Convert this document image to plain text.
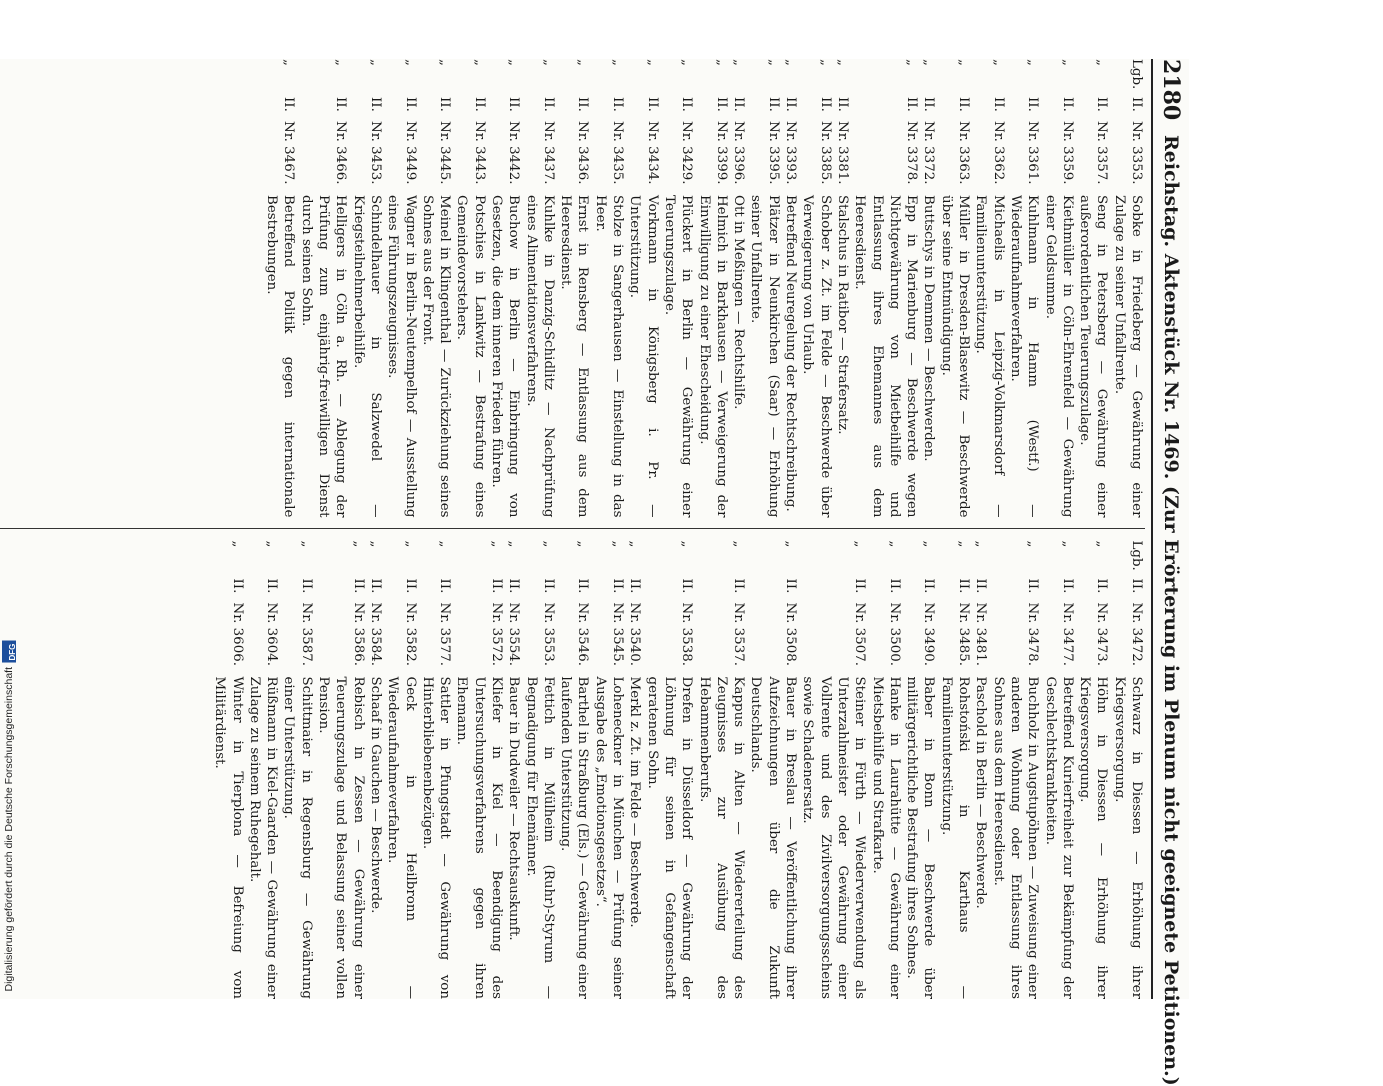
2180
Reichstag. Aktenstück Nr. 1469. (Zur Erörterung im Plenum nicht geeignete Petitionen.)
Lgb.
II.
Nr. 3353.
Sobke in Friedeberg — Gewährung einer Zulage zu seiner Unfallrente.
„
II.
Nr. 3357.
Seng in Petersberg — Gewährung einer außerordentlichen Teuerungszulage.
„
II.
Nr. 3359.
Kiethmüller in Cöln-Ehrenfeld — Gewährung einer Geldsumme.
„
II.
Nr. 3361.
Kuhlmann in Hamm (Westf.) — Wiederaufnahmeverfahren.
„
II.
Nr. 3362.
Michaelis in Leipzig-Volkmarsdorf — Familienunterstützung.
„
II.
Nr. 3363.
Müller in Dresden-Blasewitz — Beschwerde über seine Entmündigung.
„
II.
Nr. 3372.
Buttschys in Demmen — Beschwerden.
„
II.
Nr. 3378.
Epp in Marienburg — Beschwerde wegen Nichtgewährung von Mietbeihilfe und Entlassung ihres Ehemannes aus dem Heeresdienst.
„
II.
Nr. 3381.
Stalschus in Ratibor — Strafersatz.
„
II.
Nr. 3385.
Schober z. Zt. im Felde — Beschwerde über Verweigerung von Urlaub.
„
II.
Nr. 3393.
Betreffend Neuregelung der Rechtschreibung.
„
II.
Nr. 3395.
Plätzer in Neunkirchen (Saar) — Erhöhung seiner Unfallrente.
„
II.
Nr. 3396.
Ott in Meßingen — Rechtshilfe.
„
II.
Nr. 3399.
Helmich in Barkhausen — Verweigerung der Einwilligung zu einer Ehescheidung.
„
II.
Nr. 3429.
Plückert in Berlin — Gewährung einer Teuerungszulage.
„
II.
Nr. 3434.
Vorkmann in Königsberg i. Pr. — Unterstützung.
„
II.
Nr. 3435.
Stolze in Sangerhausen — Einstellung in das Heer.
„
II.
Nr. 3436.
Ernst in Rensberg — Entlassung aus dem Heeresdienst.
„
II.
Nr. 3437.
Kuhlke in Danzig-Schidlitz — Nachprüfung eines Alimentationsverfahrens.
„
II.
Nr. 3442.
Buchow in Berlin — Einbringung von Gesetzen, die dem inneren Frieden führen.
„
II.
Nr. 3443.
Potschies in Lankwitz — Bestrafung eines Gemeindevorstehers.
„
II.
Nr. 3445.
Meinel in Klingenthal — Zurückziehung seines Sohnes aus der Front.
„
II.
Nr. 3449.
Wagner in Berlin-Neutempelhof — Ausstellung eines Führungszeugnisses.
„
II.
Nr. 3453.
Schindelhauer in Salzwedel — Kriegsteilnehmerbeihilfe.
„
II.
Nr. 3466.
Helligers in Cöln a. Rh. — Ablegung der Prüfung zum einjährig-freiwilligen Dienst durch seinen Sohn.
„
II.
Nr. 3467.
Betreffend Politik gegen internationale Bestrebungen.
Lgb.
II.
Nr. 3472.
Schwarz in Diessen — Erhöhung ihrer Kriegsversorgung.
„
II.
Nr. 3473.
Höhn in Diessen — Erhöhung ihrer Kriegsversorgung.
„
II.
Nr. 3477.
Betreffend Kurierfreiheit zur Bekämpfung der Geschlechtskrankheiten.
„
II.
Nr. 3478.
Buchholz in Augstupöhnen — Zuweisung einer anderen Wohnung oder Entlassung ihres Sohnes aus dem Heeresdienst.
„
II.
Nr. 3481.
Paschold in Berlin — Beschwerde.
„
II.
Nr. 3485.
Rohstoński in Karthaus — Familienunterstützung.
„
II.
Nr. 3490.
Baber in Bonn — Beschwerde über militärgerichtliche Bestrafung ihres Sohnes.
„
II.
Nr. 3500.
Hanke in Laurahütte — Gewährung einer Mietsbeihilfe und Strafkarte.
„
II.
Nr. 3507.
Steiner in Fürth — Wiederverwendung als Unterzahlmeister oder Gewährung einer Vollrente und des Zivilversorgungsscheins sowie Schadenersatz.
„
II.
Nr. 3508.
Bauer in Breslau — Veröffentlichung ihrer Aufzeichnungen über die Zukunft Deutschlands.
„
II.
Nr. 3537.
Kappus in Alten — Wiedererteilung des Zeugnisses zur Ausübung des Hebammenberufs.
„
II.
Nr. 3538.
Drefen in Düsseldorf — Gewährung der Löhnung für seinen in Gefangenschaft geratenen Sohn.
„
II.
Nr. 3540.
Merkl z. Zt. im Felde — Beschwerde.
„
II.
Nr. 3545.
Loheneckner in München — Prüfung seiner Ausgabe des „Emotionsgesetzes“.
„
II.
Nr. 3546.
Barthel in Straßburg (Els.) — Gewährung einer laufenden Unterstützung.
„
II.
Nr. 3553.
Fettich in Mülheim (Ruhr)-Styrum — Begnadigung für Ehemänner.
„
II.
Nr. 3554.
Bauer in Dudweiler — Rechtsauskunft.
„
II.
Nr. 3572.
Kliefer in Kiel — Beendigung des Untersuchungsverfahrens gegen ihren Ehemann.
„
II.
Nr. 3577.
Sattler in Pfungstadt — Gewährung von Hinterbliebenenbezügen.
„
II.
Nr. 3582.
Geck in Heilbronn — Wiederaufnahmeverfahren.
„
II.
Nr. 3584.
Schaaf in Gauchen — Beschwerde.
„
II.
Nr. 3586.
Rebisch in Zessen — Gewährung einer Teuerungszulage und Belassung seiner vollen Pension.
„
II.
Nr. 3587.
Schittmaier in Regensburg — Gewährung einer Unterstützung.
„
II.
Nr. 3604.
Rüßmann in Kiel-Gaarden — Gewährung einer Zulage zu seinem Ruhegehalt.
„
II.
Nr. 3606.
Winter in Tierplona — Befreiung vom Militärdienst.
Digitalisierung gefördert durch die Deutsche Forschungsgemeinschaft
DFG
